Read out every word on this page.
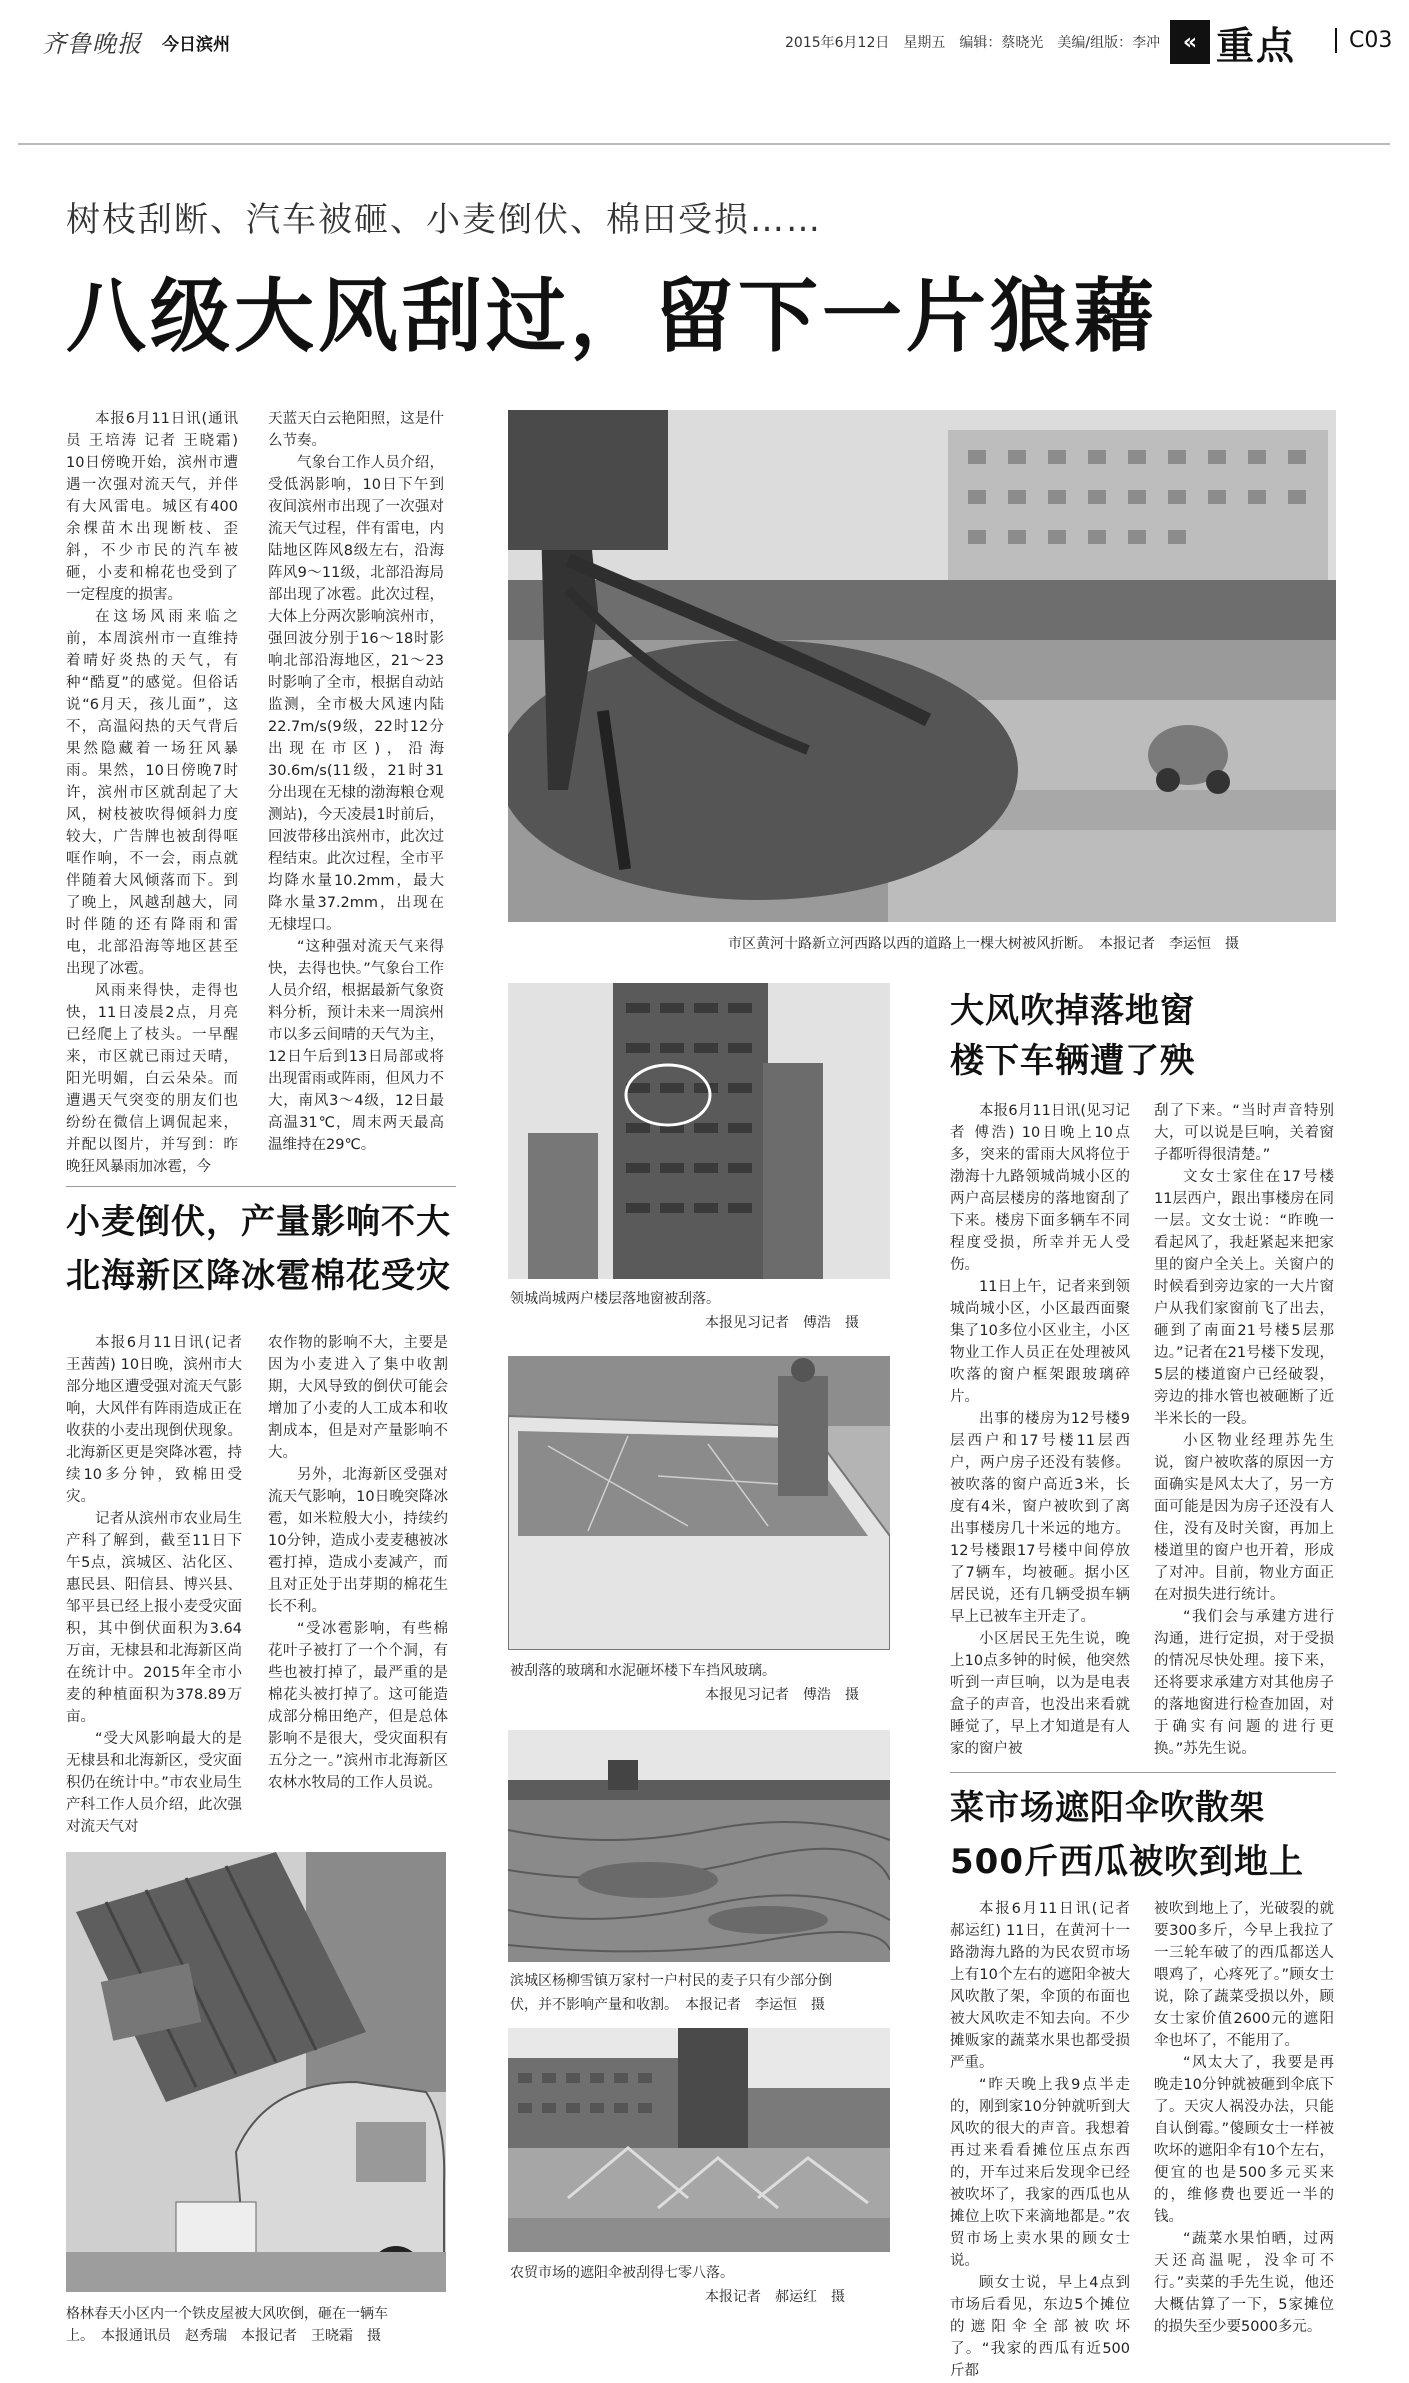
齐鲁晚报 今日滨州	2015年6月12日　星期五　编辑：蔡晓光　美编/组版：李冲	« 重点	C03
树枝刮断、汽车被砸、小麦倒伏、棉田受损……
八级大风刮过，留下一片狼藉

本报6月11日讯(通讯员 王培涛 记者 王晓霜) 10日傍晚开始，滨州市遭遇一次强对流天气，并伴有大风雷电。城区有400余棵苗木出现断枝、歪斜，不少市民的汽车被砸，小麦和棉花也受到了一定程度的损害。

在这场风雨来临之前，本周滨州市一直维持着晴好炎热的天气，有种“酷夏”的感觉。但俗话说“6月天，孩儿面”，这不，高温闷热的天气背后果然隐藏着一场狂风暴雨。果然，10日傍晚7时许，滨州市区就刮起了大风，树枝被吹得倾斜力度较大，广告牌也被刮得哐哐作响，不一会，雨点就伴随着大风倾落而下。到了晚上，风越刮越大，同时伴随的还有降雨和雷电，北部沿海等地区甚至出现了冰雹。

风雨来得快，走得也快，11日凌晨2点，月亮已经爬上了枝头。一早醒来，市区就已雨过天晴，阳光明媚，白云朵朵。而遭遇天气突变的朋友们也纷纷在微信上调侃起来，并配以图片，并写到：昨晚狂风暴雨加冰雹，今

天蓝天白云艳阳照，这是什么节奏。

气象台工作人员介绍，受低涡影响，10日下午到夜间滨州市出现了一次强对流天气过程，伴有雷电，内陆地区阵风8级左右，沿海阵风9～11级，北部沿海局部出现了冰雹。此次过程，大体上分两次影响滨州市，强回波分别于16～18时影响北部沿海地区，21～23时影响了全市，根据自动站监测，全市极大风速内陆22.7m/s(9级，22时12分出现在市区)，沿海30.6m/s(11级，21时31分出现在无棣的渤海粮仓观测站)，今天凌晨1时前后，回波带移出滨州市，此次过程结束。此次过程，全市平均降水量10.2mm，最大降水量37.2mm，出现在无棣埕口。

“这种强对流天气来得快，去得也快。”气象台工作人员介绍，根据最新气象资料分析，预计未来一周滨州市以多云间晴的天气为主，12日午后到13日局部或将出现雷雨或阵雨，但风力不大，南风3～4级，12日最高温31℃，周末两天最高温维持在29℃。

市区黄河十路新立河西路以西的道路上一棵大树被风折断。　本报记者　李运恒　摄
小麦倒伏，产量影响不大
北海新区降冰雹棉花受灾

本报6月11日讯(记者 王茜茜) 10日晚，滨州市大部分地区遭受强对流天气影响，大风伴有阵雨造成正在收获的小麦出现倒伏现象。北海新区更是突降冰雹，持续10多分钟，致棉田受灾。

记者从滨州市农业局生产科了解到，截至11日下午5点，滨城区、沾化区、惠民县、阳信县、博兴县、邹平县已经上报小麦受灾面积，其中倒伏面积为3.64万亩，无棣县和北海新区尚在统计中。2015年全市小麦的种植面积为378.89万亩。

“受大风影响最大的是无棣县和北海新区，受灾面积仍在统计中。”市农业局生产科工作人员介绍，此次强对流天气对

农作物的影响不大，主要是因为小麦进入了集中收割期，大风导致的倒伏可能会增加了小麦的人工成本和收割成本，但是对产量影响不大。

另外，北海新区受强对流天气影响，10日晚突降冰雹，如米粒般大小，持续约10分钟，造成小麦麦穗被冰雹打掉，造成小麦减产，而且对正处于出芽期的棉花生长不利。

“受冰雹影响，有些棉花叶子被打了一个个洞，有些也被打掉了，最严重的是棉花头被打掉了。这可能造成部分棉田绝产，但是总体影响不是很大，受灾面积有五分之一。”滨州市北海新区农林水牧局的工作人员说。

格林春天小区内一个铁皮屋被大风吹倒，砸在一辆车
上。　本报通讯员　赵秀瑞　本报记者　王晓霜　摄
领城尚城两户楼层落地窗被刮落。
本报见习记者　傅浩　摄
被刮落的玻璃和水泥砸坏楼下车挡风玻璃。
本报见习记者　傅浩　摄
滨城区杨柳雪镇万家村一户村民的麦子只有少部分倒
伏，并不影响产量和收割。　本报记者　李运恒　摄
农贸市场的遮阳伞被刮得七零八落。
本报记者　郝运红　摄
大风吹掉落地窗
楼下车辆遭了殃

本报6月11日讯(见习记者 傅浩) 10日晚上10点多，突来的雷雨大风将位于渤海十九路领城尚城小区的两户高层楼房的落地窗刮了下来。楼房下面多辆车不同程度受损，所幸并无人受伤。

11日上午，记者来到领城尚城小区，小区最西面聚集了10多位小区业主，小区物业工作人员正在处理被风吹落的窗户框架跟玻璃碎片。

出事的楼房为12号楼9层西户和17号楼11层西户，两户房子还没有装修。被吹落的窗户高近3米，长度有4米，窗户被吹到了离出事楼房几十米远的地方。12号楼跟17号楼中间停放了7辆车，均被砸。据小区居民说，还有几辆受损车辆早上已被车主开走了。

小区居民王先生说，晚上10点多钟的时候，他突然听到一声巨响，以为是电表盒子的声音，也没出来看就睡觉了，早上才知道是有人家的窗户被

刮了下来。“当时声音特别大，可以说是巨响，关着窗子都听得很清楚。”

文女士家住在17号楼11层西户，跟出事楼房在同一层。文女士说：“昨晚一看起风了，我赶紧起来把家里的窗户全关上。关窗户的时候看到旁边家的一大片窗户从我们家窗前飞了出去，砸到了南面21号楼5层那边。”记者在21号楼下发现，5层的楼道窗户已经破裂，旁边的排水管也被砸断了近半米长的一段。

小区物业经理苏先生说，窗户被吹落的原因一方面确实是风太大了，另一方面可能是因为房子还没有人住，没有及时关窗，再加上楼道里的窗户也开着，形成了对冲。目前，物业方面正在对损失进行统计。

“我们会与承建方进行沟通，进行定损，对于受损的情况尽快处理。接下来，还将要求承建方对其他房子的落地窗进行检查加固，对于确实有问题的进行更换。”苏先生说。

菜市场遮阳伞吹散架
500斤西瓜被吹到地上

本报6月11日讯(记者 郝运红) 11日，在黄河十一路渤海九路的为民农贸市场上有10个左右的遮阳伞被大风吹散了架，伞顶的布面也被大风吹走不知去向。不少摊贩家的蔬菜水果也都受损严重。

“昨天晚上我9点半走的，刚到家10分钟就听到大风吹的很大的声音。我想着再过来看看摊位压点东西的，开车过来后发现伞已经被吹坏了，我家的西瓜也从摊位上吹下来滴地都是。”农贸市场上卖水果的顾女士说。

顾女士说，早上4点到市场后看见，东边5个摊位的遮阳伞全部被吹坏了。“我家的西瓜有近500斤都

被吹到地上了，光破裂的就要300多斤，今早上我拉了一三轮车破了的西瓜都送人喂鸡了，心疼死了。”顾女士说，除了蔬菜受损以外，顾女士家价值2600元的遮阳伞也坏了，不能用了。

“风太大了，我要是再晚走10分钟就被砸到伞底下了。天灾人祸没办法，只能自认倒霉。”傻顾女士一样被吹坏的遮阳伞有10个左右，便宜的也是500多元买来的，维修费也要近一半的钱。

“蔬菜水果怕晒，过两天还高温呢，没伞可不行。”卖菜的手先生说，他还大概估算了一下，5家摊位的损失至少要5000多元。
